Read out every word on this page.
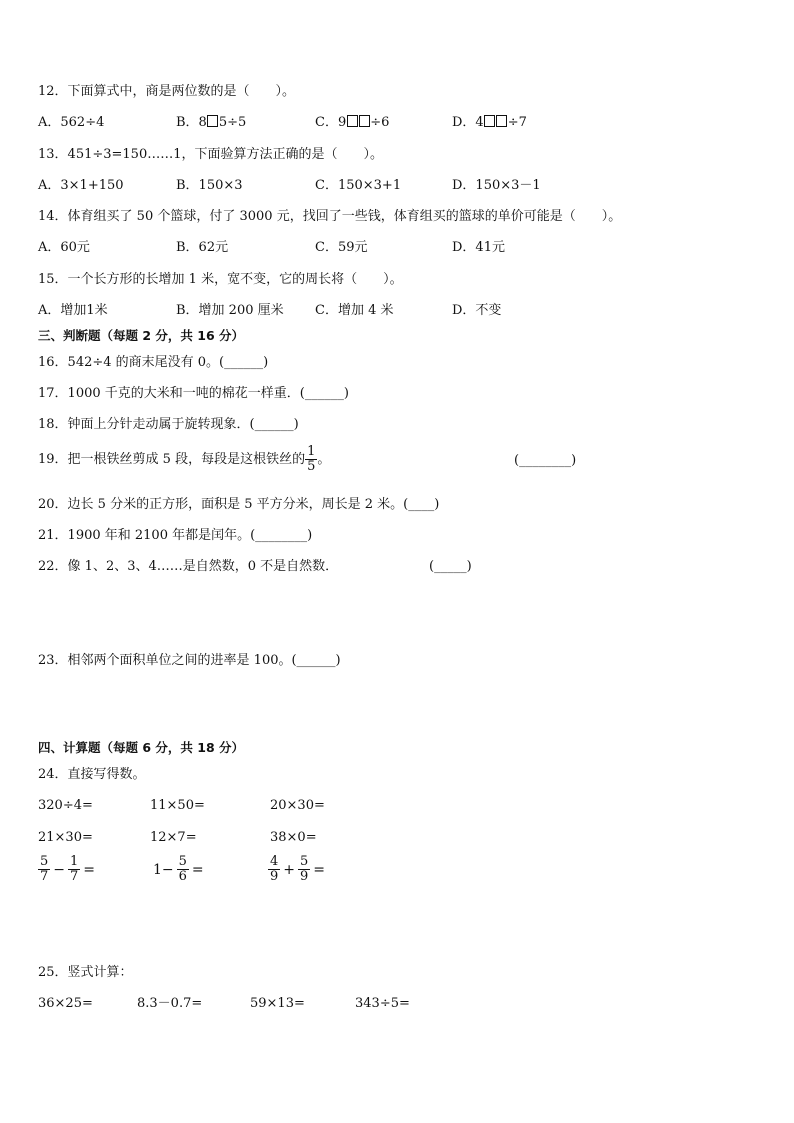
12．下面算式中，商是两位数的是（　　）。
A．562÷4	B．8 5÷5	C．9 ÷6	D．4 ÷7
13．451÷3=150……1，下面验算方法正确的是（　　）。
A．3×1+150	B．150×3	C．150×3+1	D．150×3－1
14．体育组买了 50 个篮球，付了 3000 元，找回了一些钱，体育组买的篮球的单价可能是（　　）。
A．60元	B．62元	C．59元	D．41元
15．一个长方形的长增加 1 米，宽不变，它的周长将（　　）。
A．增加1米	B．增加 200 厘米 C．增加 4 米	D．不变
三、判断题（每题 2 分，共 16 分）
16．542÷4 的商末尾没有 0。(______)
17．1000 千克的大米和一吨的棉花一样重．(______)
18．钟面上分针走动属于旋转现象．(______)
19．把一根铁丝剪成 5 段，每段是这根铁丝的 $\frac{1}{5}$ 。	(________)
20．边长 5 分米的正方形，面积是 5 平方分米，周长是 2 米。(____)
21．1900 年和 2100 年都是闰年。(________)
22．像 1、2、3、4……是自然数，0 不是自然数．	(_____)
23．相邻两个面积单位之间的进率是 100。(______)
四、计算题（每题 6 分，共 18 分）
24．直接写得数。
320÷4=	11×50=	20×30=
21×30=	12×7=	38×0=
$\frac{5}{7} - \frac{1}{7}$ =	$1- \frac{5}{6}$ =	$\frac{4}{9} + \frac{5}{9}$ =
25．竖式计算：
36×25=	8.3－0.7=	59×13=	343÷5=
